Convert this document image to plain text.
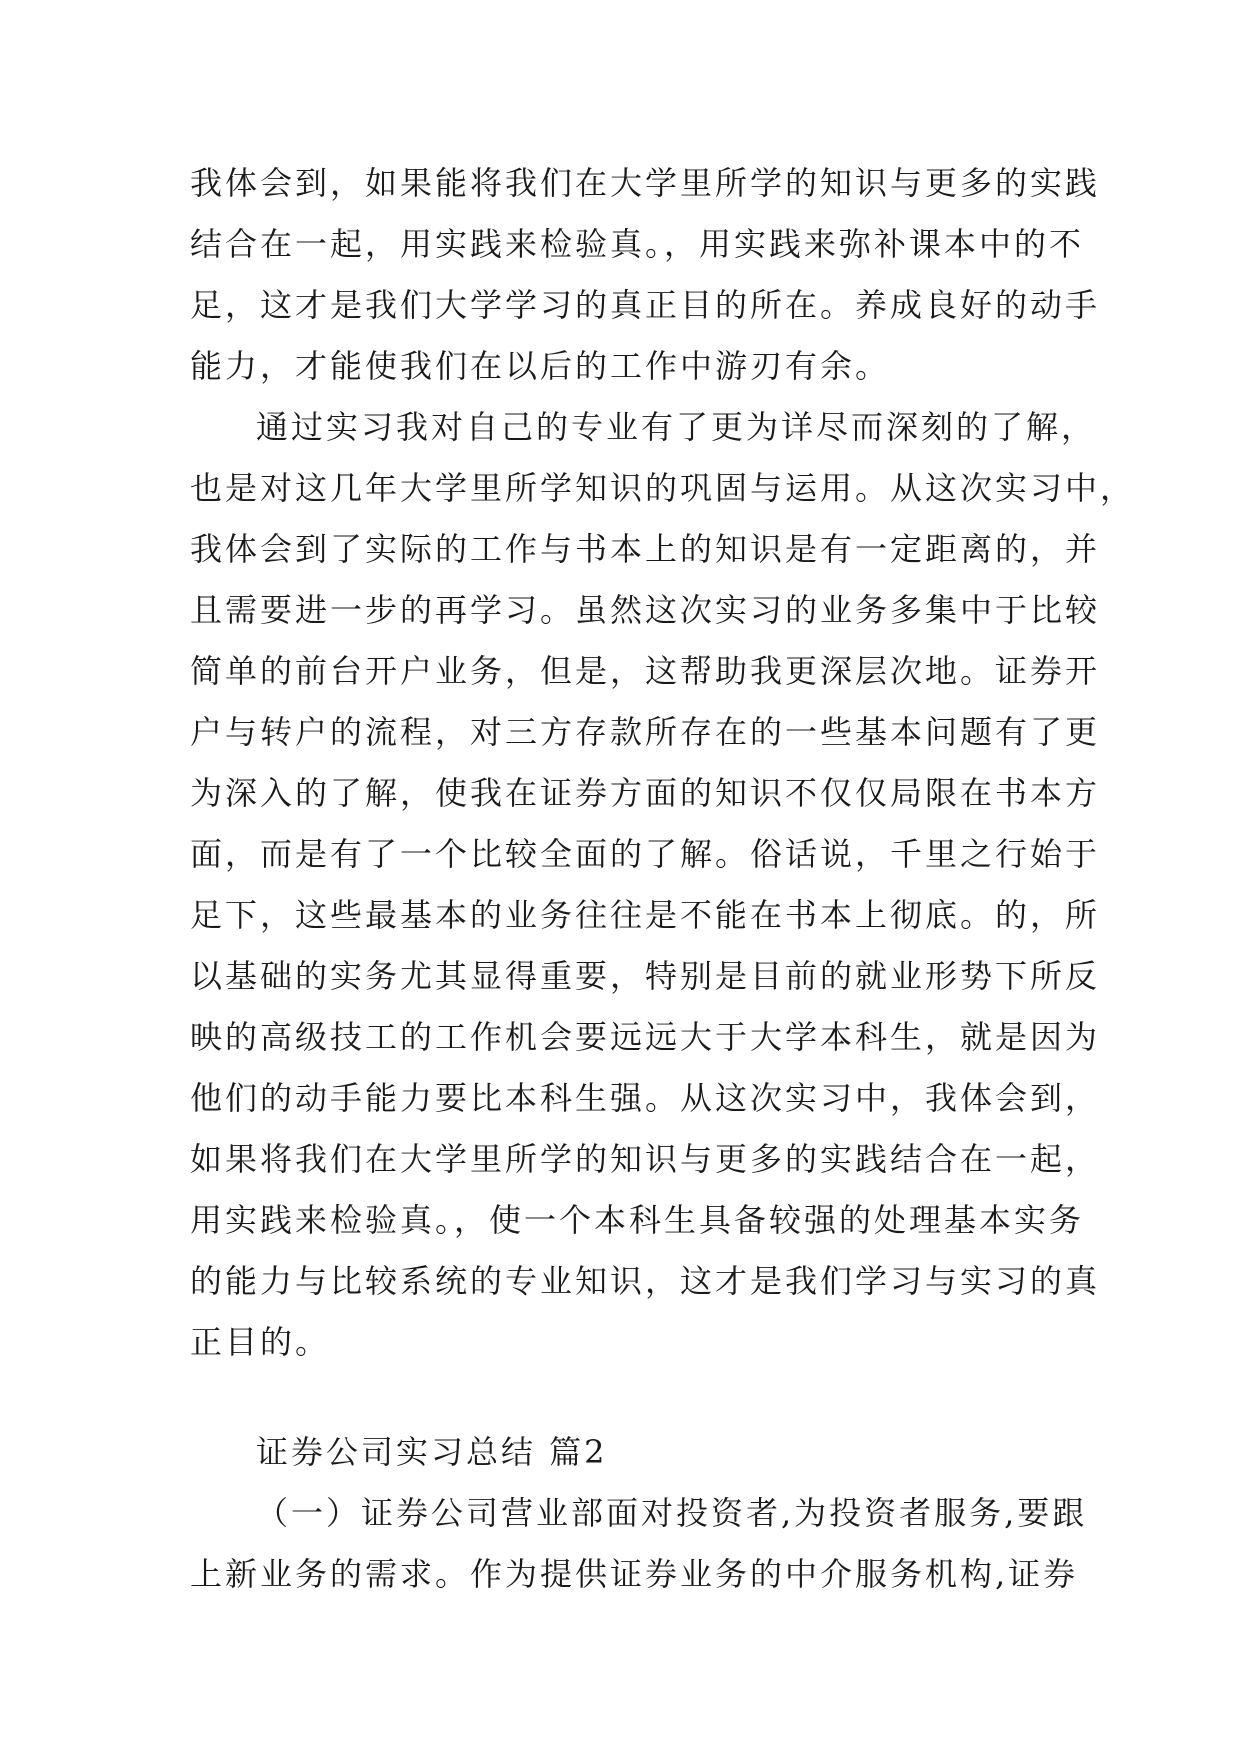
我体会到，如果能将我们在大学里所学的知识与更多的实践
结合在一起，用实践来检验真。，用实践来弥补课本中的不
足，这才是我们大学学习的真正目的所在。养成良好的动手
能力，才能使我们在以后的工作中游刃有余。
通过实习我对自己的专业有了更为详尽而深刻的了解，
也是对这几年大学里所学知识的巩固与运用。从这次实习中，
我体会到了实际的工作与书本上的知识是有一定距离的，并
且需要进一步的再学习。虽然这次实习的业务多集中于比较
简单的前台开户业务，但是，这帮助我更深层次地。证券开
户与转户的流程，对三方存款所存在的一些基本问题有了更
为深入的了解，使我在证券方面的知识不仅仅局限在书本方
面，而是有了一个比较全面的了解。俗话说，千里之行始于
足下，这些最基本的业务往往是不能在书本上彻底。的，所
以基础的实务尤其显得重要，特别是目前的就业形势下所反
映的高级技工的工作机会要远远大于大学本科生，就是因为
他们的动手能力要比本科生强。从这次实习中，我体会到，
如果将我们在大学里所学的知识与更多的实践结合在一起，
用实践来检验真。，使一个本科生具备较强的处理基本实务
的能力与比较系统的专业知识，这才是我们学习与实习的真
正目的。
证券公司实习总结 篇2
（一）证券公司营业部面对投资者,为投资者服务,要跟
上新业务的需求。作为提供证券业务的中介服务机构,证券
